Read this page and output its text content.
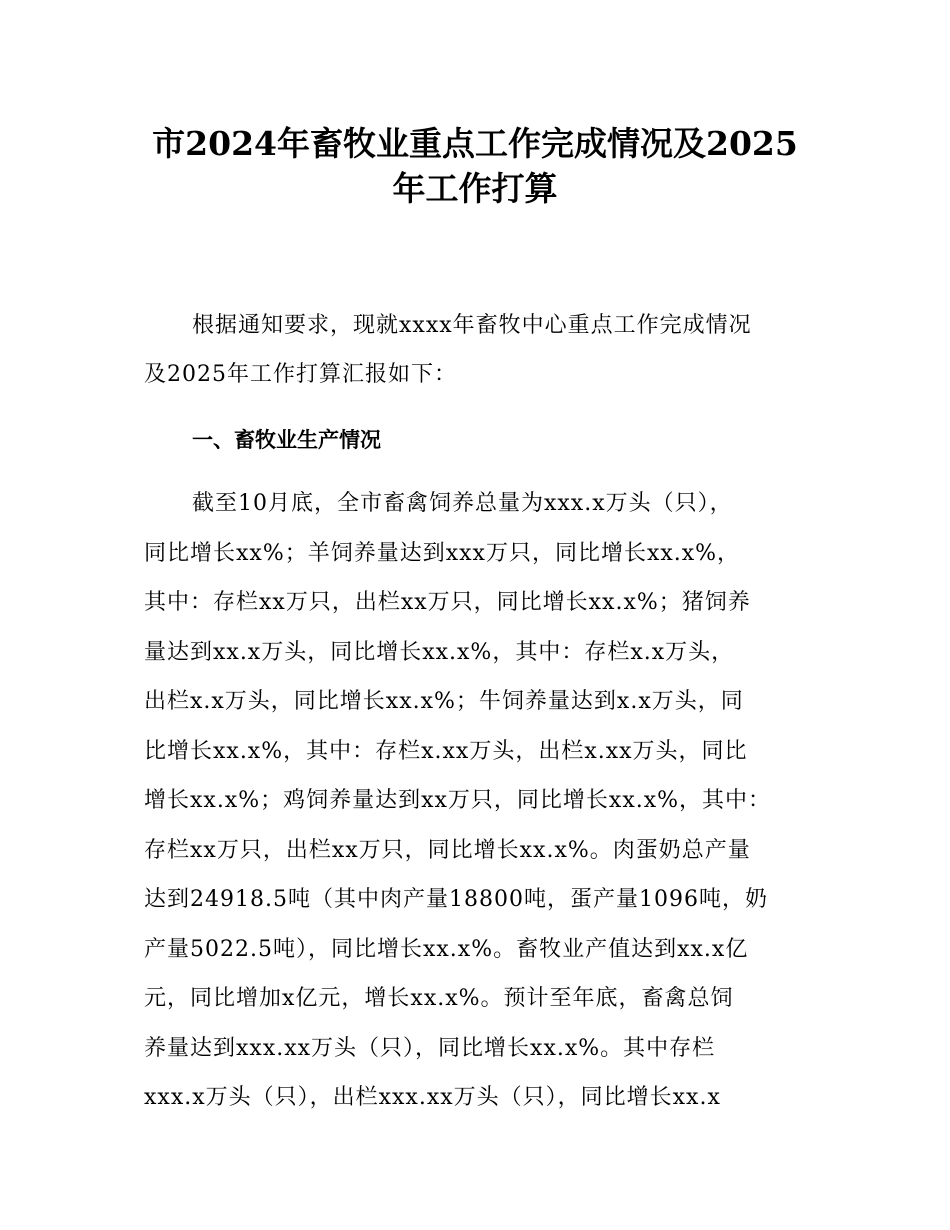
市2024年畜牧业重点工作完成情况及2025
年工作打算
根据通知要求，现就xxxx年畜牧中心重点工作完成情况
及2025年工作打算汇报如下：
一、畜牧业生产情况
截至10月底，全市畜禽饲养总量为xxx.x万头（只），
同比增长xx%；羊饲养量达到xxx万只，同比增长xx.x%，
其中：存栏xx万只，出栏xx万只，同比增长xx.x%；猪饲养
量达到xx.x万头，同比增长xx.x%，其中：存栏x.x万头，
出栏x.x万头，同比增长xx.x%；牛饲养量达到x.x万头，同
比增长xx.x%，其中：存栏x.xx万头，出栏x.xx万头，同比
增长xx.x%；鸡饲养量达到xx万只，同比增长xx.x%，其中：
存栏xx万只，出栏xx万只，同比增长xx.x%。肉蛋奶总产量
达到24918.5吨（其中肉产量18800吨，蛋产量1096吨，奶
产量5022.5吨），同比增长xx.x%。畜牧业产值达到xx.x亿
元，同比增加x亿元，增长xx.x%。预计至年底，畜禽总饲
养量达到xxx.xx万头（只），同比增长xx.x%。其中存栏
xxx.x万头（只），出栏xxx.xx万头（只），同比增长xx.x
